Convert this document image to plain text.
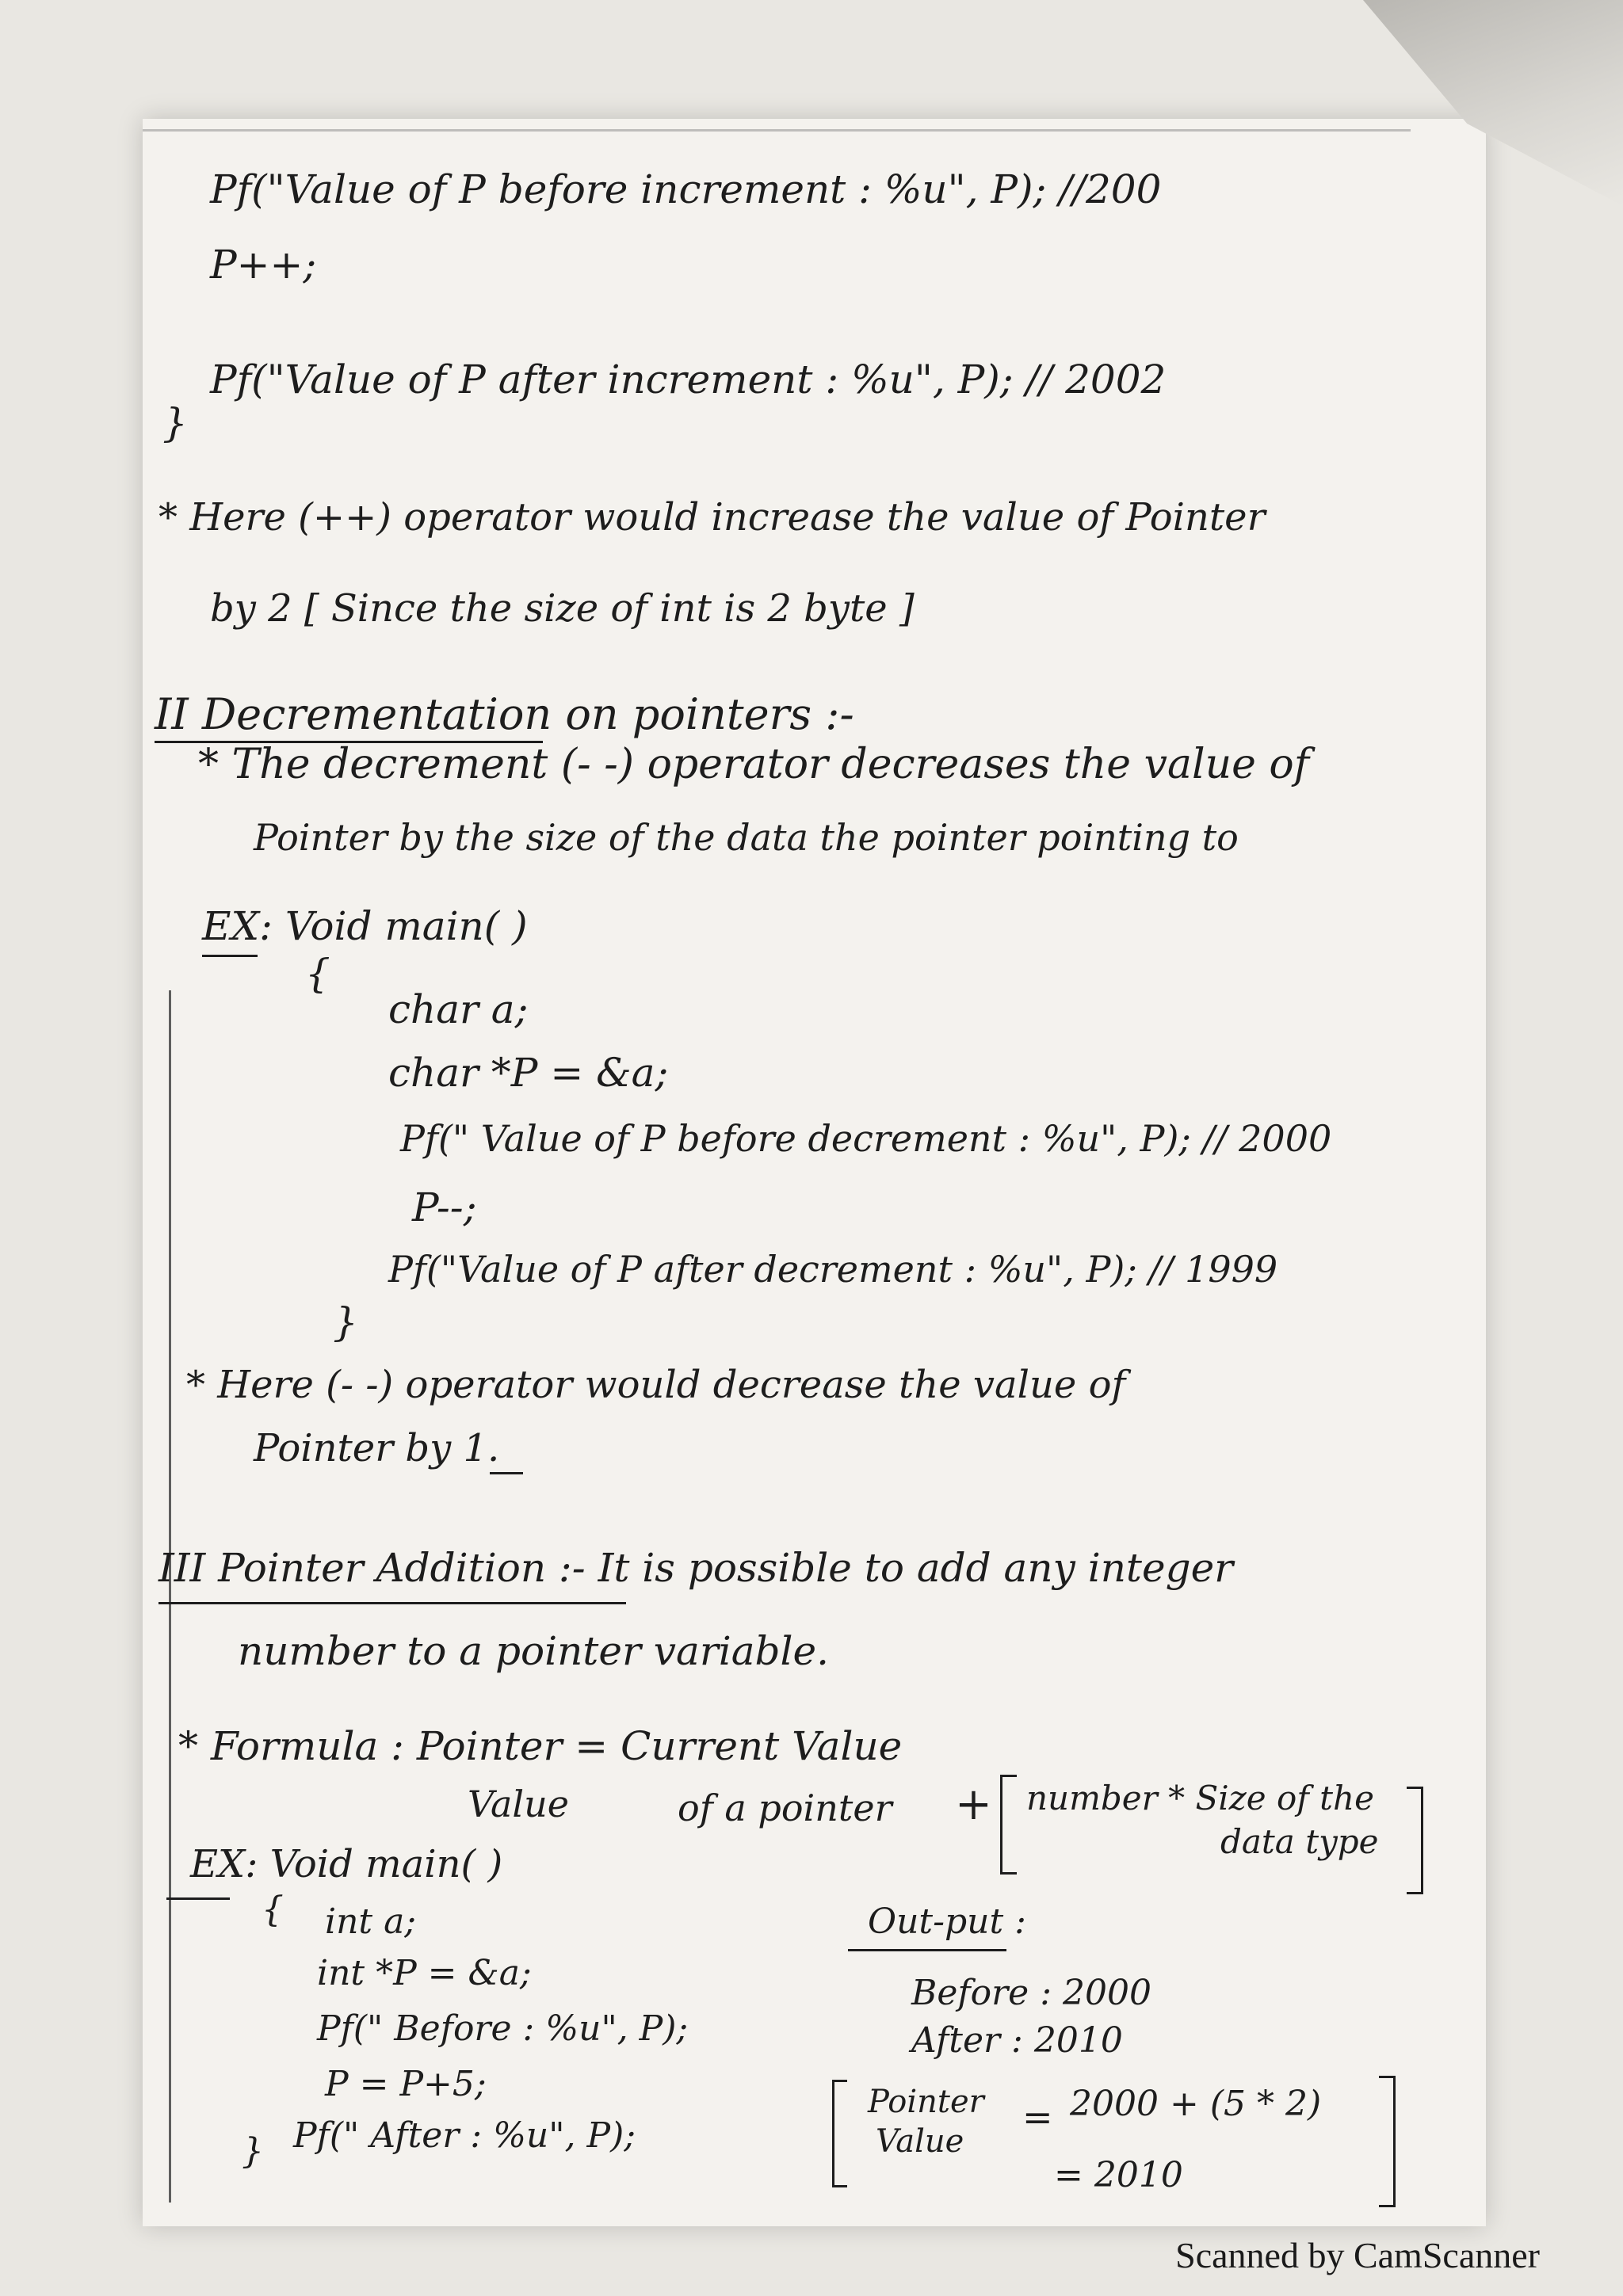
Pf("Value of P before increment : %u", P); //200
P++;
Pf("Value of P after increment : %u", P); // 2002
}
* Here (++) operator would increase the value of Pointer
by 2 [ Since the size of int is 2 byte ]
II Decrementation on pointers :-
* The decrement (- -) operator decreases the value of
Pointer by the size of the data the pointer pointing to
EX: Void main( )
{
char a;
char *P = &a;
Pf(" Value of P before decrement : %u", P); // 2000
P--;
Pf("Value of P after decrement : %u", P); // 1999
}
* Here (- -) operator would decrease the value of
Pointer by 1.
III Pointer Addition :- It is possible to add any integer
number to a pointer variable.
* Formula : Pointer = Current Value
Value	of a pointer + number * Size of the
data type
EX: Void main( )
{ int a;
int *P = &a;
Pf(" Before : %u", P);
P = P+5;
} Pf(" After : %u", P);
Out-put :
Before : 2000
After : 2010
Pointer
Value
= 2000 + (5 * 2)
= 2010
Scanned by CamScanner
